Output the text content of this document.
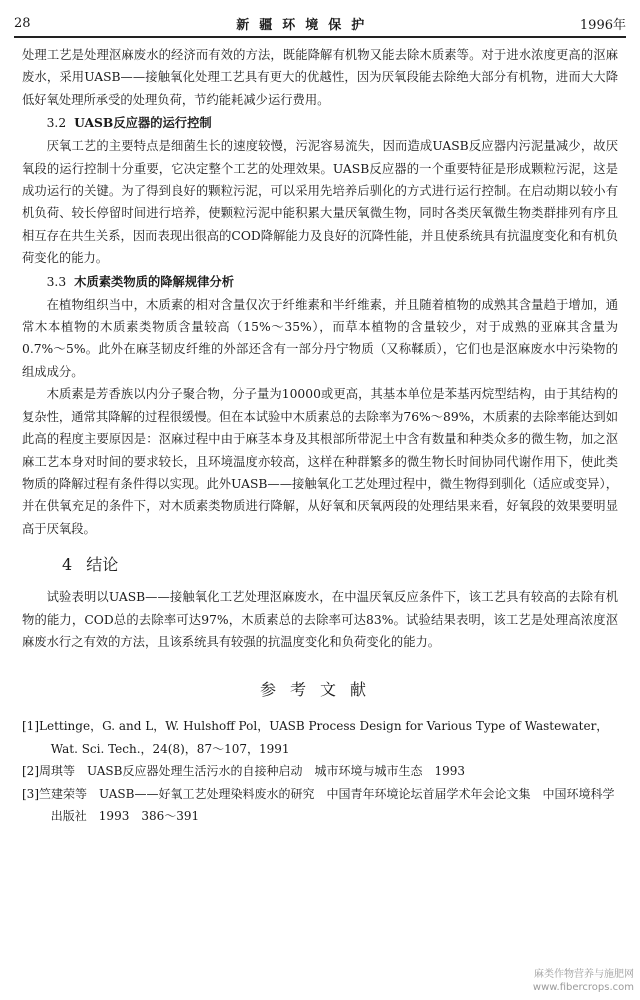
28	新疆环境保护	1996年

处理工艺是处理沤麻废水的经济而有效的方法，既能降解有机物又能去除木质素等。对于进水浓度更高的沤麻废水，采用UASB——接触氧化处理工艺具有更大的优越性，因为厌氧段能去除绝大部分有机物，进而大大降低好氧处理所承受的处理负荷，节约能耗减少运行费用。

3.2 UASB反应器的运行控制

厌氧工艺的主要特点是细菌生长的速度较慢，污泥容易流失，因而造成UASB反应器内污泥量减少，故厌氧段的运行控制十分重要，它决定整个工艺的处理效果。UASB反应器的一个重要特征是形成颗粒污泥，这是成功运行的关键。为了得到良好的颗粒污泥，可以采用先培养后驯化的方式进行运行控制。在启动期以较小有机负荷、较长停留时间进行培养，使颗粒污泥中能积累大量厌氧微生物，同时各类厌氧微生物类群排列有序且相互存在共生关系，因而表现出很高的COD降解能力及良好的沉降性能，并且使系统具有抗温度变化和有机负荷变化的能力。

3.3 木质素类物质的降解规律分析

在植物组织当中，木质素的相对含量仅次于纤维素和半纤维素，并且随着植物的成熟其含量趋于增加，通常木本植物的木质素类物质含量较高（15%～35%），而草本植物的含量较少，对于成熟的亚麻其含量为0.7%～5%。此外在麻茎韧皮纤维的外部还含有一部分丹宁物质（又称鞣质），它们也是沤麻废水中污染物的组成成分。

木质素是芳香族以内分子聚合物，分子量为10000或更高，其基本单位是苯基丙烷型结构，由于其结构的复杂性，通常其降解的过程很缓慢。但在本试验中木质素总的去除率为76%～89%，木质素的去除率能达到如此高的程度主要原因是：沤麻过程中由于麻茎本身及其根部所带泥土中含有数量和种类众多的微生物，加之沤麻工艺本身对时间的要求较长，且环境温度亦较高，这样在种群繁多的微生物长时间协同代谢作用下，使此类物质的降解过程有条件得以实现。此外UASB——接触氧化工艺处理过程中，微生物得到驯化（适应或变异），并在供氧充足的条件下，对木质素类物质进行降解，从好氧和厌氧两段的处理结果来看，好氧段的效果要明显高于厌氧段。

4 结论

试验表明以UASB——接触氧化工艺处理沤麻废水，在中温厌氧反应条件下，该工艺具有较高的去除有机物的能力，COD总的去除率可达97%，木质素总的去除率可达83%。试验结果表明，该工艺是处理高浓度沤麻废水行之有效的方法，且该系统具有较强的抗温度变化和负荷变化的能力。

参考文献

[1]Lettinge，G. and L，W. Hulshoff Pol，UASB Process Design for Various Type of Wastewater，Wat. Sci. Tech.，24(8)，87～107，1991

[2]周琪等　UASB反应器处理生活污水的自接种启动　城市环境与城市生态　1993

[3]竺建荣等　UASB——好氧工艺处理染料废水的研究　中国青年环境论坛首届学术年会论文集　中国环境科学出版社　1993　386～391

麻类作物营养与施肥网
www.fibercrops.com
